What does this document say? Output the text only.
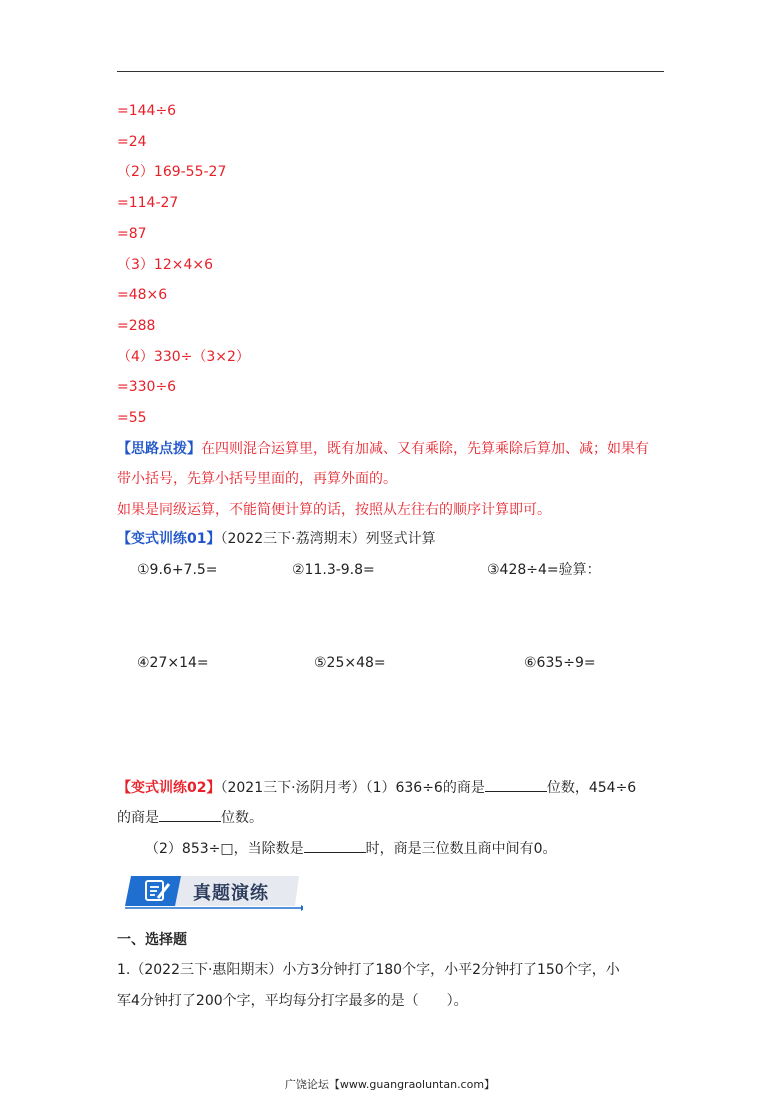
=144÷6
=24
（2）169-55-27
=114-27
=87
（3）12×4×6
=48×6
=288
（4）330÷（3×2）
=330÷6
=55
【思路点拨】在四则混合运算里，既有加减、又有乘除，先算乘除后算加、减；如果有
带小括号，先算小括号里面的，再算外面的。
如果是同级运算，不能简便计算的话，按照从左往右的顺序计算即可。
【变式训练01】（2022三下·荔湾期末）列竖式计算
①9.6+7.5=	②11.3-9.8=	③428÷4=验算：
④27×14=	⑤25×48=	⑥635÷9=
【变式训练02】（2021三下·汤阴月考）（1）636÷6的商是	位数，454÷6
的商是	位数。
（2）853÷□，当除数是	时，商是三位数且商中间有0。
真题演练
一、选择题
1.（2022三下·惠阳期末）小方3分钟打了180个字，小平2分钟打了150个字，小
军4分钟打了200个字，平均每分打字最多的是（　　）。
广饶论坛【www.guangraoluntan.com】
